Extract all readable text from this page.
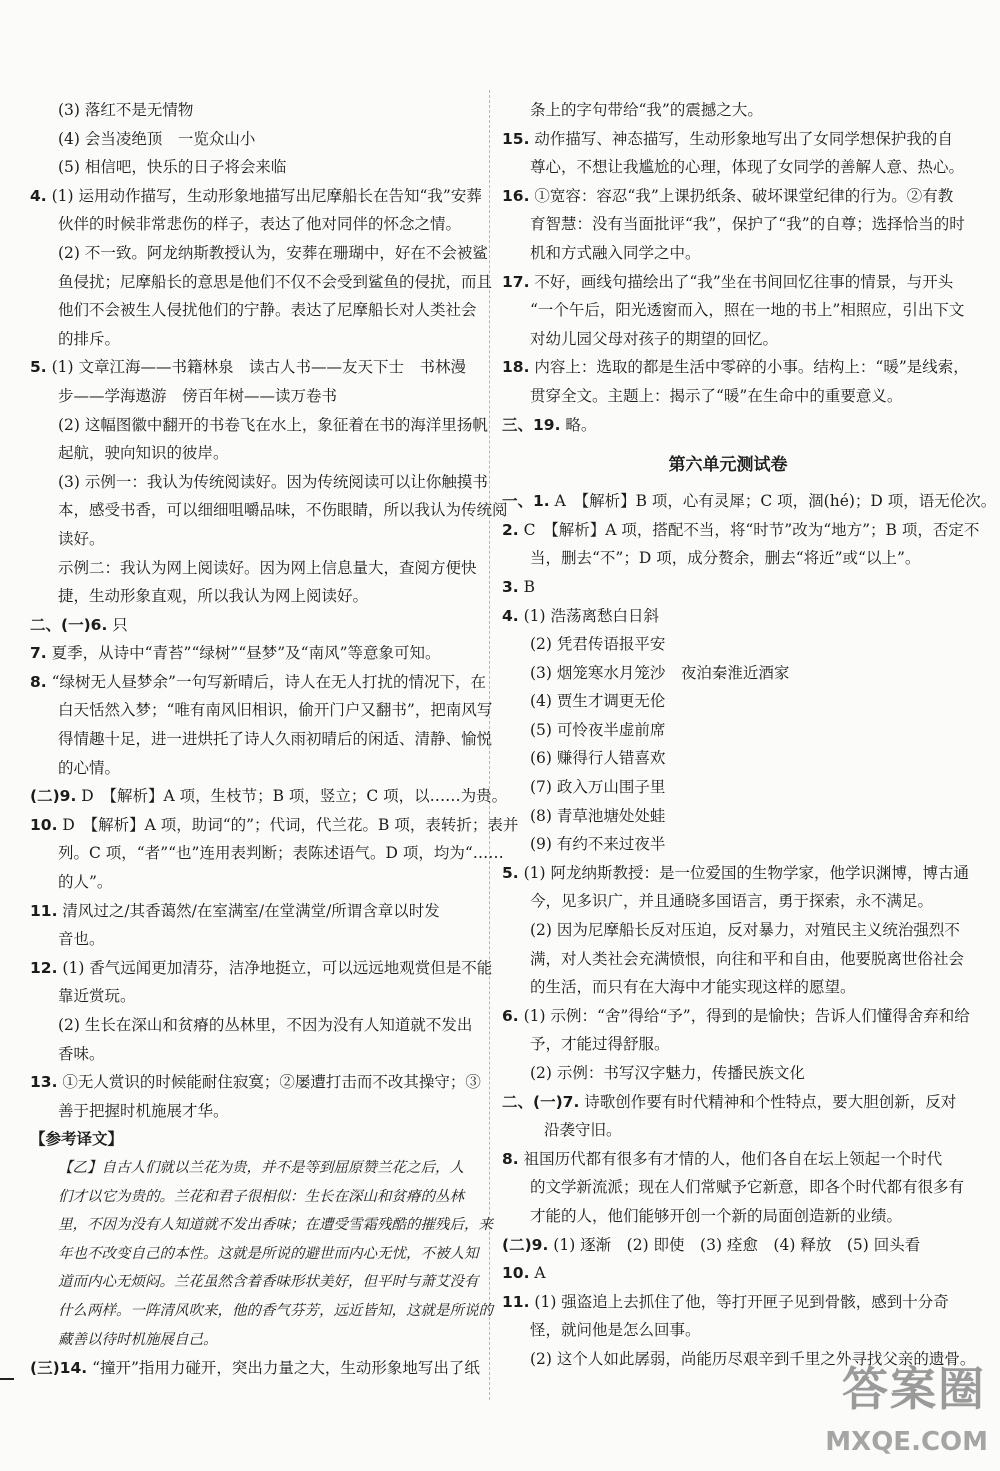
(3) 落红不是无情物
(4) 会当凌绝顶　一览众山小
(5) 相信吧，快乐的日子将会来临
4. (1) 运用动作描写，生动形象地描写出尼摩船长在告知“我”安葬
伙伴的时候非常悲伤的样子，表达了他对同伴的怀念之情。
(2) 不一致。阿龙纳斯教授认为，安葬在珊瑚中，好在不会被鲨
鱼侵扰；尼摩船长的意思是他们不仅不会受到鲨鱼的侵扰，而且
他们不会被生人侵扰他们的宁静。表达了尼摩船长对人类社会
的排斥。
5. (1) 文章江海——书籍林泉　读古人书——友天下士　书林漫
步——学海遨游　傍百年树——读万卷书
(2) 这幅图徽中翻开的书卷飞在水上，象征着在书的海洋里扬帆
起航，驶向知识的彼岸。
(3) 示例一：我认为传统阅读好。因为传统阅读可以让你触摸书
本，感受书香，可以细细咀嚼品味，不伤眼睛，所以我认为传统阅
读好。
示例二：我认为网上阅读好。因为网上信息量大，查阅方便快
捷，生动形象直观，所以我认为网上阅读好。
二、(一)6. 只
7. 夏季，从诗中“青苔”“绿树”“昼梦”及“南风”等意象可知。
8. “绿树无人昼梦余”一句写新晴后，诗人在无人打扰的情况下，在
白天恬然入梦；“唯有南风旧相识，偷开门户又翻书”，把南风写
得情趣十足，进一进烘托了诗人久雨初晴后的闲适、清静、愉悦
的心情。
(二)9. D　【解析】A 项，生枝节；B 项，竖立；C 项，以……为贵。
10. D　【解析】A 项，助词“的”；代词，代兰花。B 项，表转折；表并
列。C 项，“者”“也”连用表判断；表陈述语气。D 项，均为“……
的人”。
11. 清风过之/其香蔼然/在室满室/在堂满堂/所谓含章以时发
音也。
12. (1) 香气远闻更加清芬，洁净地挺立，可以远远地观赏但是不能
靠近赏玩。
(2) 生长在深山和贫瘠的丛林里，不因为没有人知道就不发出
香味。
13. ①无人赏识的时候能耐住寂寞；②屡遭打击而不改其操守；③
善于把握时机施展才华。
【参考译文】
【乙】自古人们就以兰花为贵，并不是等到屈原赞兰花之后，人
们才以它为贵的。兰花和君子很相似：生长在深山和贫瘠的丛林
里，不因为没有人知道就不发出香味；在遭受雪霜残酷的摧残后，来
年也不改变自己的本性。这就是所说的避世而内心无忧，不被人知
道而内心无烦闷。兰花虽然含着香味形状美好，但平时与萧艾没有
什么两样。一阵清风吹来，他的香气芬芳，远近皆知，这就是所说的
藏善以待时机施展自己。
(三)14. “撞开”指用力碰开，突出力量之大，生动形象地写出了纸
条上的字句带给“我”的震撼之大。
15. 动作描写、神态描写，生动形象地写出了女同学想保护我的自
尊心，不想让我尴尬的心理，体现了女同学的善解人意、热心。
16. ①宽容：容忍“我”上课扔纸条、破坏课堂纪律的行为。②有教
育智慧：没有当面批评“我”，保护了“我”的自尊；选择恰当的时
机和方式融入同学之中。
17. 不好，画线句描绘出了“我”坐在书间回忆往事的情景，与开头
“一个午后，阳光透窗而入，照在一地的书上”相照应，引出下文
对幼儿园父母对孩子的期望的回忆。
18. 内容上：选取的都是生活中零碎的小事。结构上：“暖”是线索，
贯穿全文。主题上：揭示了“暖”在生命中的重要意义。
三、19. 略。
第六单元测试卷
一、1. A　【解析】B 项，心有灵犀；C 项，涸(hé)；D 项，语无伦次。
2. C　【解析】A 项，搭配不当，将“时节”改为“地方”；B 项，否定不
当，删去“不”；D 项，成分赘余，删去“将近”或“以上”。
3. B
4. (1) 浩荡离愁白日斜
(2) 凭君传语报平安
(3) 烟笼寒水月笼沙　夜泊秦淮近酒家
(4) 贾生才调更无伦
(5) 可怜夜半虚前席
(6) 赚得行人错喜欢
(7) 政入万山围子里
(8) 青草池塘处处蛙
(9) 有约不来过夜半
5. (1) 阿龙纳斯教授：是一位爱国的生物学家，他学识渊博，博古通
今，见多识广，并且通晓多国语言，勇于探索，永不满足。
(2) 因为尼摩船长反对压迫，反对暴力，对殖民主义统治强烈不
满，对人类社会充满愤恨，向往和平和自由，他要脱离世俗社会
的生活，而只有在大海中才能实现这样的愿望。
6. (1) 示例：“舍”得给“予”，得到的是愉快；告诉人们懂得舍弃和给
予，才能过得舒服。
(2) 示例：书写汉字魅力，传播民族文化
二、(一)7. 诗歌创作要有时代精神和个性特点，要大胆创新，反对
沿袭守旧。
8. 祖国历代都有很多有才情的人，他们各自在坛上领起一个时代
的文学新流派；现在人们常赋予它新意，即各个时代都有很多有
才能的人，他们能够开创一个新的局面创造新的业绩。
(二)9. (1) 逐渐　(2) 即使　(3) 痊愈　(4) 释放　(5) 回头看
10. A
11. (1) 强盗追上去抓住了他，等打开匣子见到骨骸，感到十分奇
怪，就问他是怎么回事。
(2) 这个人如此孱弱，尚能历尽艰辛到千里之外寻找父亲的遗骨。
答案圈
MXQE.COM
